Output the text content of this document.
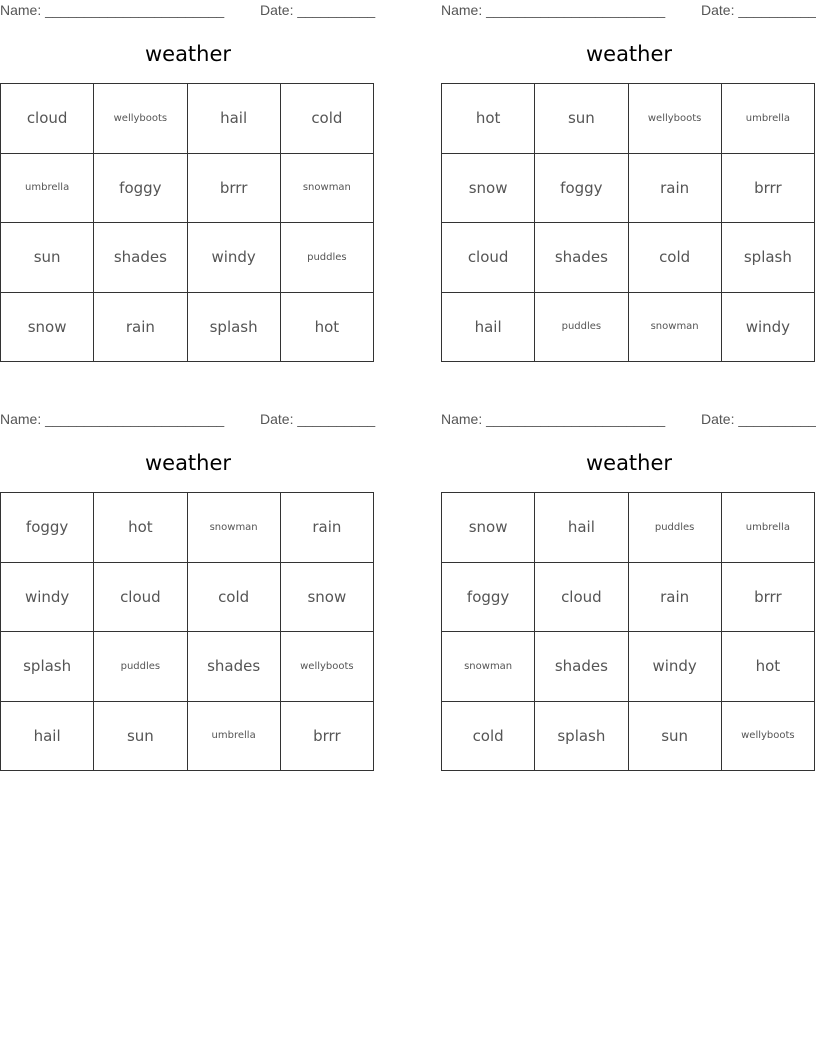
Name: _______________________	Date: __________
weather
cloud	wellyboots	hail	cold
umbrella	foggy	brrr	snowman
sun	shades	windy	puddles
snow	rain	splash	hot
Name: _______________________	Date: __________
weather
hot	sun	wellyboots	umbrella
snow	foggy	rain	brrr
cloud	shades	cold	splash
hail	puddles	snowman	windy
Name: _______________________	Date: __________
weather
foggy	hot	snowman	rain
windy	cloud	cold	snow
splash	puddles	shades	wellyboots
hail	sun	umbrella	brrr
Name: _______________________	Date: __________
weather
snow	hail	puddles	umbrella
foggy	cloud	rain	brrr
snowman	shades	windy	hot
cold	splash	sun	wellyboots
